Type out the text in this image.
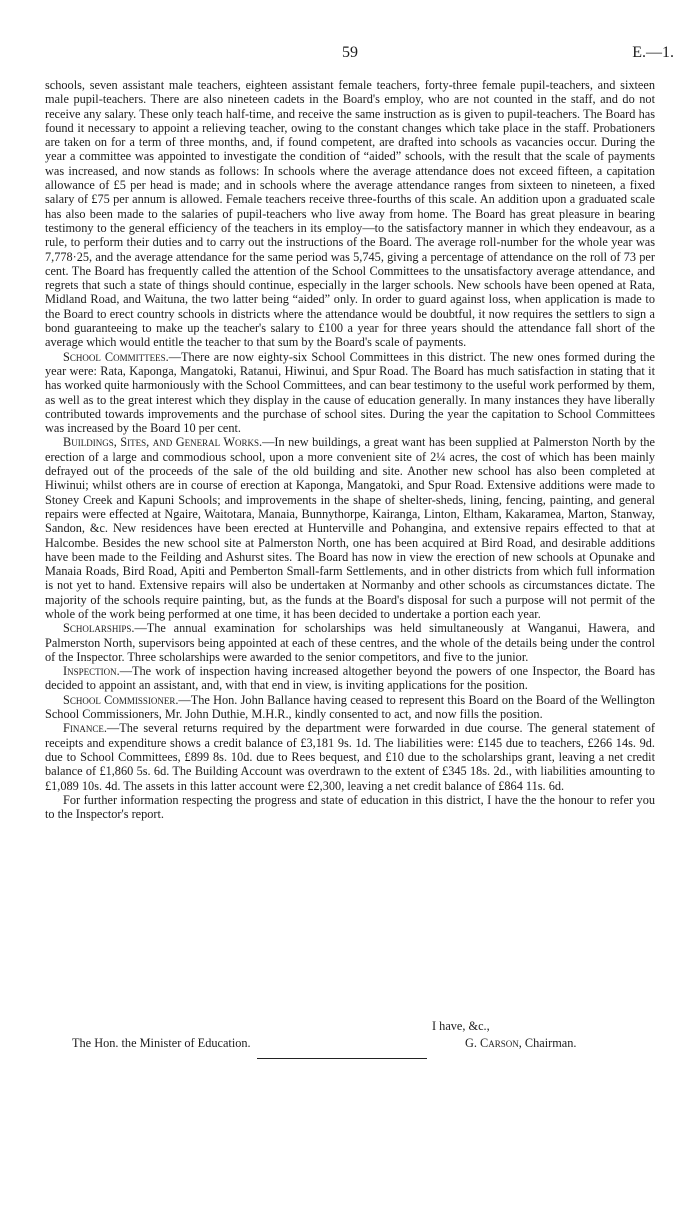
59	E.—1.

schools, seven assistant male teachers, eighteen assistant female teachers, forty-three female pupil-teachers, and sixteen male pupil-teachers. There are also nineteen cadets in the Board's employ, who are not counted in the staff, and do not receive any salary. These only teach half-time, and receive the same instruction as is given to pupil-teachers. The Board has found it necessary to appoint a relieving teacher, owing to the constant changes which take place in the staff. Probationers are taken on for a term of three months, and, if found competent, are drafted into schools as vacancies occur. During the year a committee was appointed to investigate the condition of “aided” schools, with the result that the scale of payments was increased, and now stands as follows: In schools where the average attendance does not exceed fifteen, a capitation allowance of £5 per head is made; and in schools where the average attendance ranges from sixteen to nineteen, a fixed salary of £75 per annum is allowed. Female teachers receive three-fourths of this scale. An addition upon a graduated scale has also been made to the salaries of pupil-teachers who live away from home. The Board has great pleasure in bearing testimony to the general efficiency of the teachers in its employ—to the satisfactory manner in which they endeavour, as a rule, to perform their duties and to carry out the instructions of the Board. The average roll-number for the whole year was 7,778·25, and the average attendance for the same period was 5,745, giving a percentage of attendance on the roll of 73 per cent. The Board has frequently called the attention of the School Committees to the unsatisfactory average attendance, and regrets that such a state of things should continue, especially in the larger schools. New schools have been opened at Rata, Midland Road, and Waituna, the two latter being “aided” only. In order to guard against loss, when application is made to the Board to erect country schools in districts where the attendance would be doubtful, it now requires the settlers to sign a bond guaranteeing to make up the teacher's salary to £100 a year for three years should the attendance fall short of the average which would entitle the teacher to that sum by the Board's scale of payments.

School Committees.—There are now eighty-six School Committees in this district. The new ones formed during the year were: Rata, Kaponga, Mangatoki, Ratanui, Hiwinui, and Spur Road. The Board has much satisfaction in stating that it has worked quite harmoniously with the School Committees, and can bear testimony to the useful work performed by them, as well as to the great interest which they display in the cause of education generally. In many instances they have liberally contributed towards improvements and the purchase of school sites. During the year the capitation to School Committees was increased by the Board 10 per cent.

Buildings, Sites, and General Works.—In new buildings, a great want has been supplied at Palmerston North by the erection of a large and commodious school, upon a more convenient site of 2¼ acres, the cost of which has been mainly defrayed out of the proceeds of the sale of the old building and site. Another new school has also been completed at Hiwinui; whilst others are in course of erection at Kaponga, Mangatoki, and Spur Road. Extensive additions were made to Stoney Creek and Kapuni Schools; and improvements in the shape of shelter-sheds, lining, fencing, painting, and general repairs were effected at Ngaire, Waitotara, Manaia, Bunnythorpe, Kairanga, Linton, Eltham, Kakaramea, Marton, Stanway, Sandon, &c. New residences have been erected at Hunterville and Pohangina, and extensive repairs effected to that at Halcombe. Besides the new school site at Palmerston North, one has been acquired at Bird Road, and desirable additions have been made to the Feilding and Ashurst sites. The Board has now in view the erection of new schools at Opunake and Manaia Roads, Bird Road, Apiti and Pemberton Small-farm Settlements, and in other districts from which full information is not yet to hand. Extensive repairs will also be undertaken at Normanby and other schools as circumstances dictate. The majority of the schools require painting, but, as the funds at the Board's disposal for such a purpose will not permit of the whole of the work being performed at one time, it has been decided to undertake a portion each year.

Scholarships.—The annual examination for scholarships was held simultaneously at Wanganui, Hawera, and Palmerston North, supervisors being appointed at each of these centres, and the whole of the details being under the control of the Inspector. Three scholarships were awarded to the senior competitors, and five to the junior.

Inspection.—The work of inspection having increased altogether beyond the powers of one Inspector, the Board has decided to appoint an assistant, and, with that end in view, is inviting applications for the position.

School Commissioner.—The Hon. John Ballance having ceased to represent this Board on the Board of the Wellington School Commissioners, Mr. John Duthie, M.H.R., kindly consented to act, and now fills the position.

Finance.—The several returns required by the department were forwarded in due course. The general statement of receipts and expenditure shows a credit balance of £3,181 9s. 1d. The liabilities were: £145 due to teachers, £266 14s. 9d. due to School Committees, £899 8s. 10d. due to Rees bequest, and £10 due to the scholarships grant, leaving a net credit balance of £1,860 5s. 6d. The Building Account was overdrawn to the extent of £345 18s. 2d., with liabilities amounting to £1,089 10s. 4d. The assets in this latter account were £2,300, leaving a net credit balance of £864 11s. 6d.

For further information respecting the progress and state of education in this district, I have the the honour to refer you to the Inspector's report.

I have, &c.,
The Hon. the Minister of Education.	G. Carson, Chairman.
